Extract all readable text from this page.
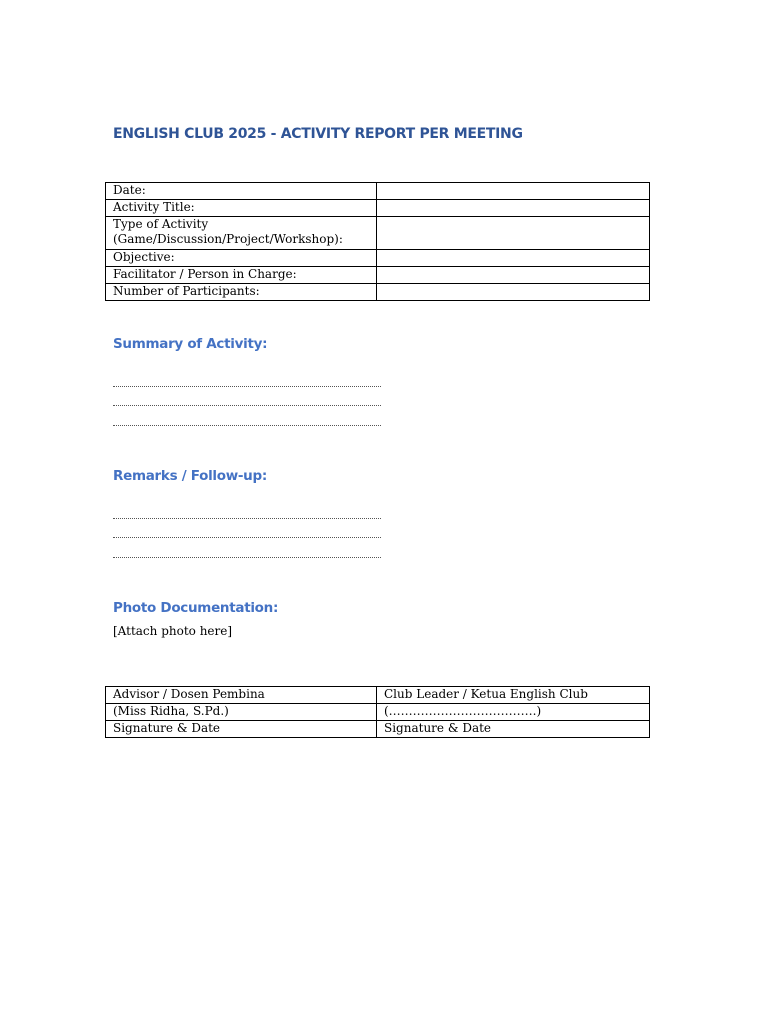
ENGLISH CLUB 2025 - ACTIVITY REPORT PER MEETING
Date:	
Activity Title:	
Type of Activity (Game/Discussion/Project/Workshop):	
Objective:	
Facilitator / Person in Charge:	
Number of Participants:	
Summary of Activity:
Remarks / Follow-up:
Photo Documentation:

[Attach photo here]

Advisor / Dosen Pembina	Club Leader / Ketua English Club
(Miss Ridha, S.Pd.)	(……………………………….)
Signature & Date	Signature & Date
